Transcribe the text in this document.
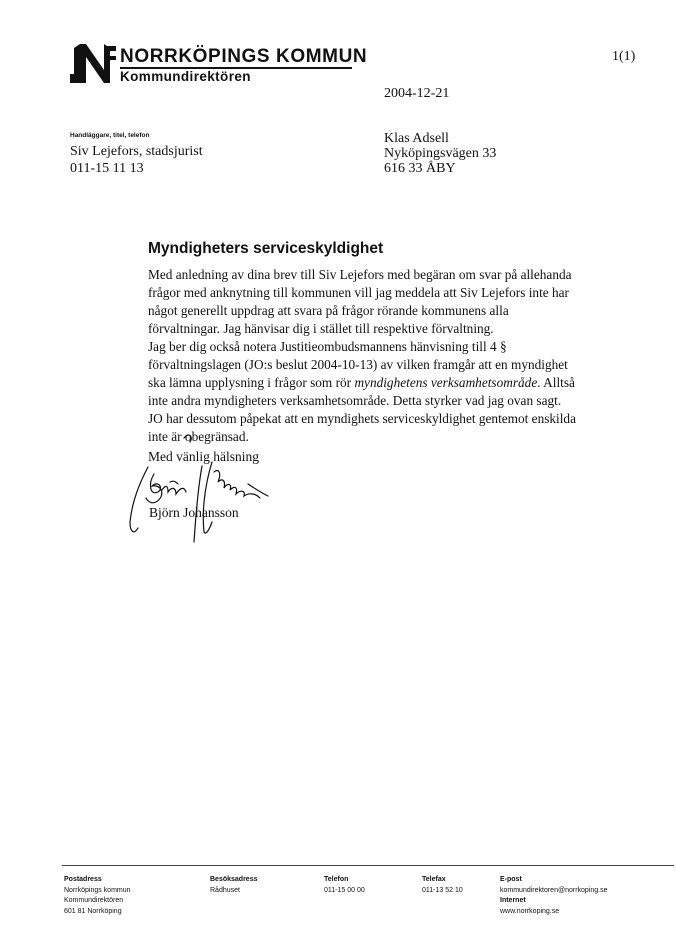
NORRKÖPINGS KOMMUN
Kommundirektören
1(1)
2004-12-21
Handläggare, titel, telefon
Siv Lejefors, stadsjurist
011-15 11 13
Klas Adsell
Nyköpingsvägen 33
616 33 ÅBY
Myndigheters serviceskyldighet

Med anledning av dina brev till Siv Lejefors med begäran om svar på allehanda frågor med anknytning till kommunen vill jag meddela att Siv Lejefors inte har något generellt uppdrag att svara på frågor rörande kommunens alla förvaltningar. Jag hänvisar dig i stället till respektive förvaltning.

Jag ber dig också notera Justitieombudsmannens hänvisning till 4 § förvaltningslagen (JO:s beslut 2004-10-13) av vilken framgår att en myndighet ska lämna upplysning i frågor som rör myndighetens verksamhetsområde. Alltså inte andra myndigheters verksamhetsområde. Detta styrker vad jag ovan sagt. JO har dessutom påpekat att en myndighets serviceskyldighet gentemot enskilda inte är obegränsad.

Med vänlig hälsning
Björn Johansson
Postadress
Norrköpings kommun
Kommundirektören
601 81 Norrköping
Besöksadress
Rådhuset
Telefon
011-15 00 00
Telefax
011-13 52 10
E-post
kommundirektoren@norrkoping.se
Internet
www.norrkoping.se
